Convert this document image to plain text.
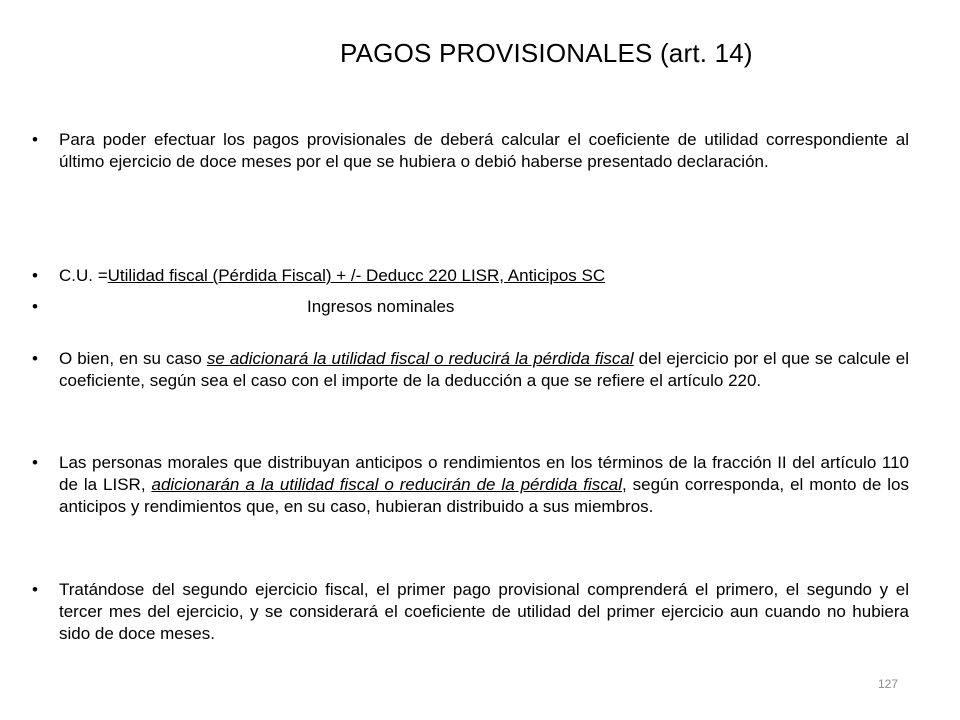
PAGOS PROVISIONALES (art. 14)
• Para poder efectuar los pagos provisionales de deberá calcular el coeficiente de utilidad correspondiente al último ejercicio de doce meses por el que se hubiera o debió haberse presentado declaración.
• C.U. =Utilidad fiscal (Pérdida Fiscal) + /- Deducc 220 LISR, Anticipos SC
• Ingresos nominales
• O bien, en su caso se adicionará la utilidad fiscal o reducirá la pérdida fiscal del ejercicio por el que se calcule el coeficiente, según sea el caso con el importe de la deducción a que se refiere el artículo 220.
• Las personas morales que distribuyan anticipos o rendimientos en los términos de la fracción II del artículo 110 de la LISR, adicionarán a la utilidad fiscal o reducirán de la pérdida fiscal, según corresponda, el monto de los anticipos y rendimientos que, en su caso, hubieran distribuido a sus miembros.
• Tratándose del segundo ejercicio fiscal, el primer pago provisional comprenderá el primero, el segundo y el tercer mes del ejercicio, y se considerará el coeficiente de utilidad del primer ejercicio aun cuando no hubiera sido de doce meses.
127
